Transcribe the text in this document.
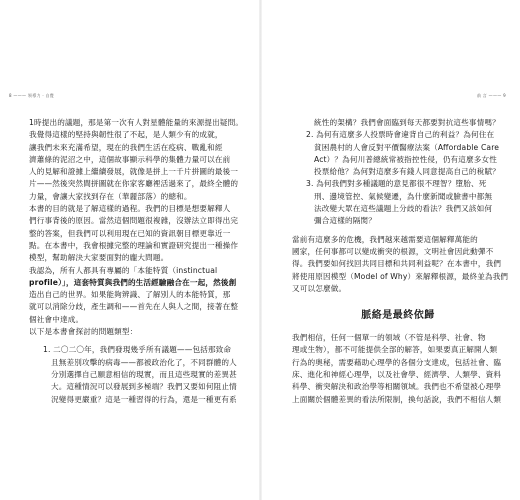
8 ——— 領導力 · 自覺
1時提出的議題，那是第一次有人對星體能量的來源提出疑問。
我覺得這樣的堅持與韌性很了不起，是人類少有的成就，
讓我們未來充滿希望，現在的我們生活在疫病、戰亂和經
濟蕭條的泥沼之中，這個故事顯示科學的集體力量可以在前
人的見解和證據上繼續發展，就像是拼上一千片拼圖的最後一
片——然後突然間拼圖就在你家客廳裡活過來了，最終全體的
力量，會讓大家找到存在（華麗部落）的總和。
本書的目的就是了解這樣的過程。我們的目標是想要解釋人
們行事背後的原因。當然這個問題很複雜，沒辦法立即得出完
整的答案，但我們可以利用現在已知的資訊朝目標更靠近一
點。在本書中，我會根據完整的理論和實證研究提出一種操作
模型，幫助解決大家要面對的龐大問題。
我認為，所有人都具有專屬的「本能特質（instinctual
profile）」，這套特質與我們的生活經驗融合在一起，然後創
造出自己的世界。如果能夠辨識、了解別人的本能特質，那
就可以消除分歧，產生調和——首先在人與人之間，接著在整
個社會中達成。
以下是本書會探討的問題類型：
1. 二〇二〇年，我們發現幾乎所有議題——包括那致命
且無差別攻擊的病毒——都被政治化了，不同群體的人
分別選擇自己願意相信的現實，而且這些現實的差異甚
大。這種情況可以發展到多極端？我們又要如何阻止情
況變得更嚴重？這是一種習得的行為，還是一種更有系
前 言 ——— 9
統性的架構？我們會面臨到每天都要對抗這些事情嗎？
2. 為何有這麼多人投票時會違背自己的利益？為何住在
貧困農村的人會反對平價醫療法案（Affordable Care
Act）？為何川普總統常被指控性侵，仍有這麼多女性
投票給他？為何對這麼多有錢人同意提高自己的稅賦？
3. 為何我們對多種議題的意見都很不理智？墮胎、死
刑、邊境管控、氣候變遷，為什麼新聞或臉書中都無
法改變大眾在這些議題上分歧的看法？我們又該如何
彌合這樣的隔閡？
當前有這麼多的危機，我們越來越需要這個解釋萬能的
國家，任何事都可以變成衝突的根源，文明社會因此動彈不
得。我們要如何找回共同目標和共同利益呢？在本書中，我們
將使用原因模型（Model of Why）來解釋根源，最終並為我們
又可以怎麼做。
脈絡是最終依歸
我們相信，任何一個單一的領域（不管是科學、社會、物
理或生物），都不可能提供全部的解答，如果要真正解開人類
行為的奧秘，需要藉助心理學的各個分支達成，包括社會、臨
床、進化和神經心理學，以及社會學、經濟學、人類學、資料
科學、衝突解決和政治學等相關領域。我們也不希望被心理學
上面關於個體差異的看法所限制，換句話說，我們不相信人類
